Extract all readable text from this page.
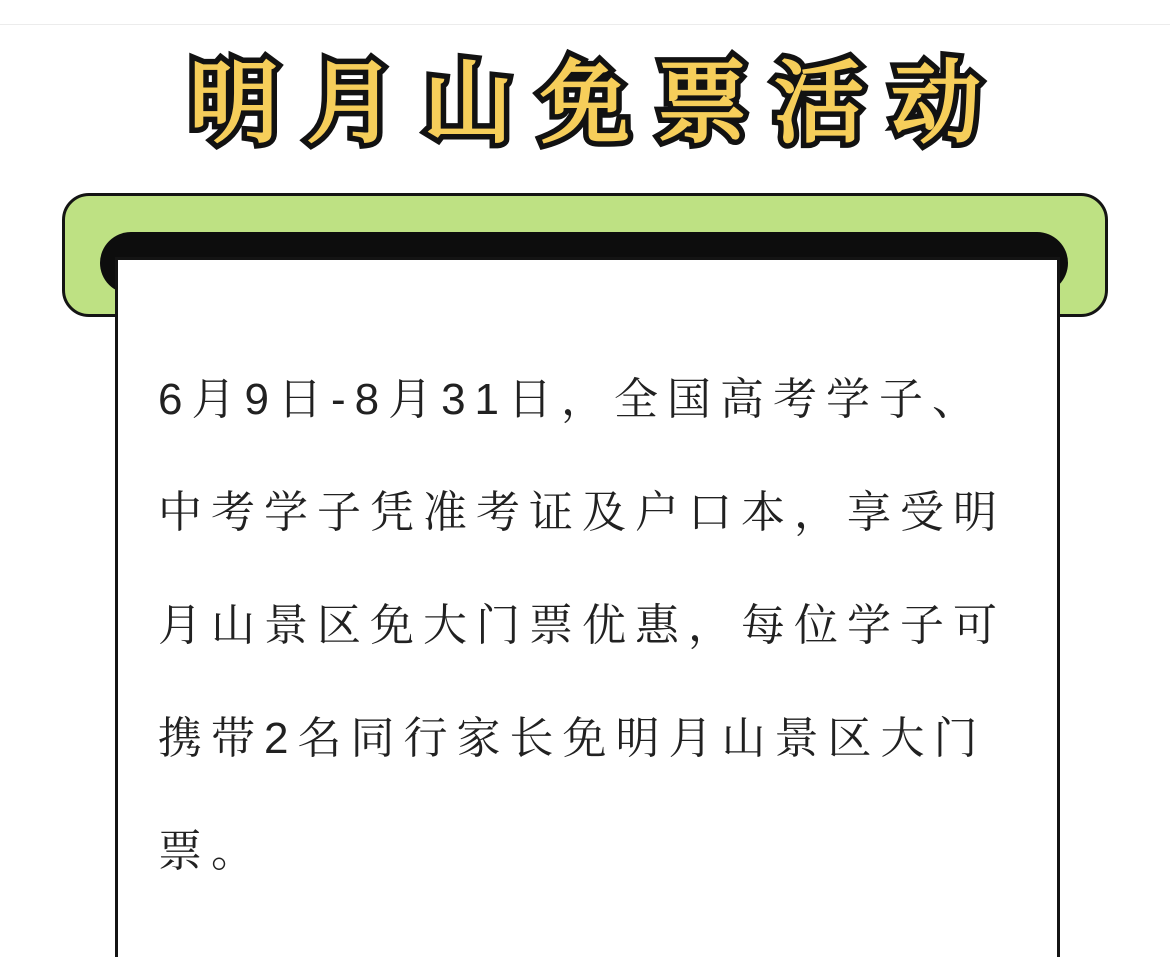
明月山免票活动
6月9日-8月31日，全国高考学子、
中考学子凭准考证及户口本，享受明
月山景区免大门票优惠，每位学子可
携带2名同行家长免明月山景区大门
票。
